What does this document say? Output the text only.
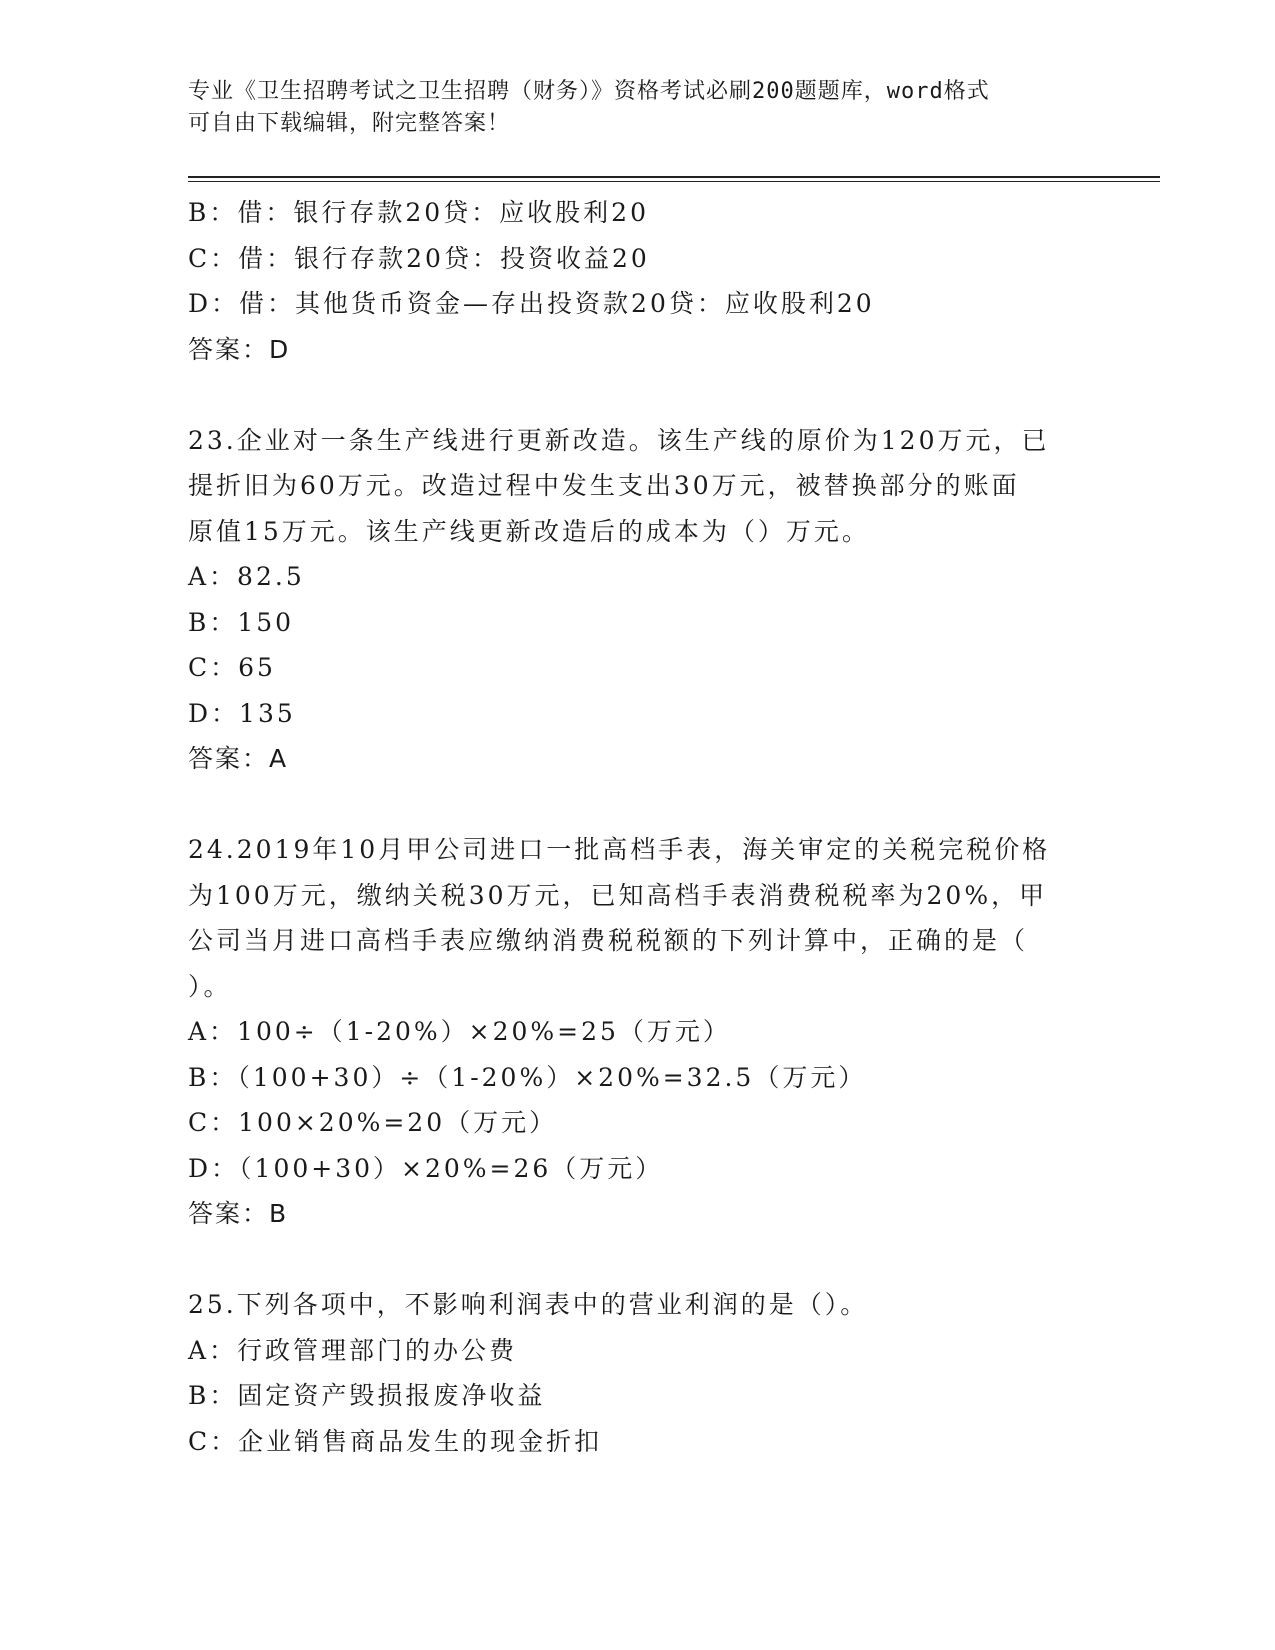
专业《卫生招聘考试之卫生招聘（财务）》资格考试必刷200题题库，word格式
可自由下载编辑，附完整答案！
B：借：银行存款20贷：应收股利20
C：借：银行存款20贷：投资收益20
D：借：其他货币资金—存出投资款20贷：应收股利20
答案：D
23.企业对一条生产线进行更新改造。该生产线的原价为120万元，已
提折旧为60万元。改造过程中发生支出30万元，被替换部分的账面
原值15万元。该生产线更新改造后的成本为（）万元。
A：82.5
B：150
C：65
D：135
答案：A
24.2019年10月甲公司进口一批高档手表，海关审定的关税完税价格
为100万元，缴纳关税30万元，已知高档手表消费税税率为20%，甲
公司当月进口高档手表应缴纳消费税税额的下列计算中，正确的是（
）。
A：100÷（1-20%）×20%=25（万元）
B：（100+30）÷（1-20%）×20%=32.5（万元）
C：100×20%=20（万元）
D：（100+30）×20%=26（万元）
答案：B
25.下列各项中，不影响利润表中的营业利润的是（）。
A：行政管理部门的办公费
B：固定资产毁损报废净收益
C：企业销售商品发生的现金折扣
